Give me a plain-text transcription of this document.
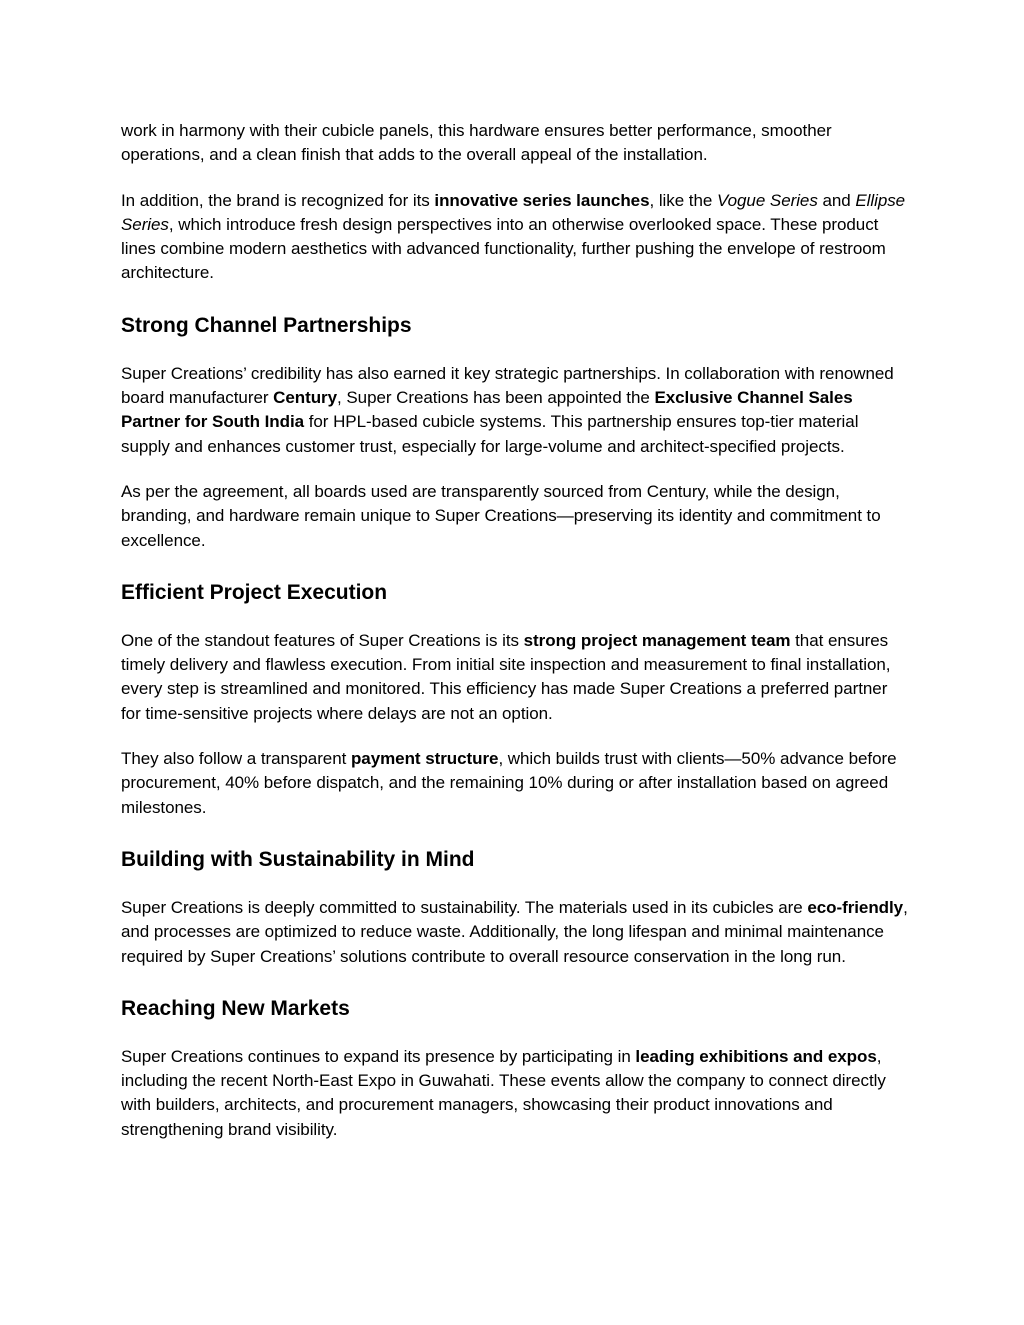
work in harmony with their cubicle panels, this hardware ensures better performance, smoother operations, and a clean finish that adds to the overall appeal of the installation.

In addition, the brand is recognized for its innovative series launches, like the Vogue Series and Ellipse Series, which introduce fresh design perspectives into an otherwise overlooked space. These product lines combine modern aesthetics with advanced functionality, further pushing the envelope of restroom architecture.

Strong Channel Partnerships

Super Creations’ credibility has also earned it key strategic partnerships. In collaboration with renowned board manufacturer Century, Super Creations has been appointed the Exclusive Channel Sales Partner for South India for HPL-based cubicle systems. This partnership ensures top-tier material supply and enhances customer trust, especially for large-volume and architect-specified projects.

As per the agreement, all boards used are transparently sourced from Century, while the design, branding, and hardware remain unique to Super Creations—preserving its identity and commitment to excellence.

Efficient Project Execution

One of the standout features of Super Creations is its strong project management team that ensures timely delivery and flawless execution. From initial site inspection and measurement to final installation, every step is streamlined and monitored. This efficiency has made Super Creations a preferred partner for time-sensitive projects where delays are not an option.

They also follow a transparent payment structure, which builds trust with clients—50% advance before procurement, 40% before dispatch, and the remaining 10% during or after installation based on agreed milestones.

Building with Sustainability in Mind

Super Creations is deeply committed to sustainability. The materials used in its cubicles are eco-friendly, and processes are optimized to reduce waste. Additionally, the long lifespan and minimal maintenance required by Super Creations’ solutions contribute to overall resource conservation in the long run.

Reaching New Markets

Super Creations continues to expand its presence by participating in leading exhibitions and expos, including the recent North-East Expo in Guwahati. These events allow the company to connect directly with builders, architects, and procurement managers, showcasing their product innovations and strengthening brand visibility.
